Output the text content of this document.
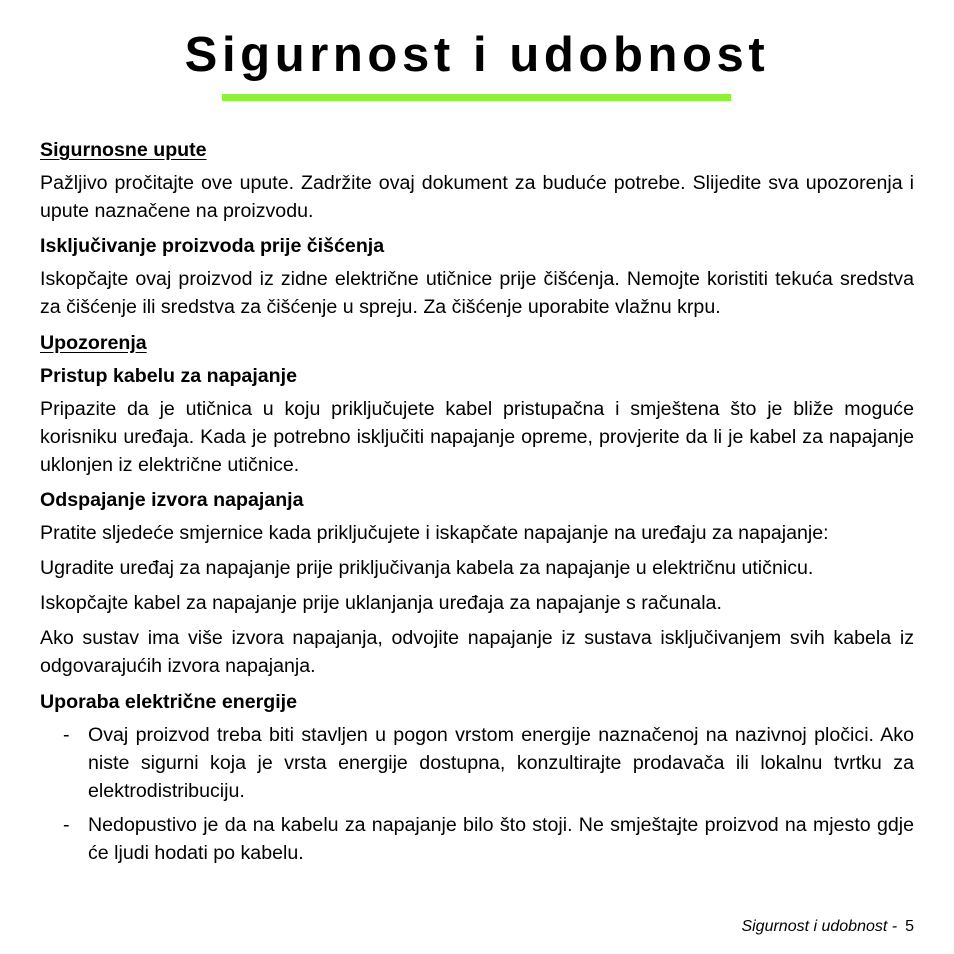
Sigurnost i udobnost
Sigurnosne upute

Pažljivo pročitajte ove upute. Zadržite ovaj dokument za buduće potrebe. Slijedite sva upozorenja i upute naznačene na proizvodu.

Isključivanje proizvoda prije čišćenja

Iskopčajte ovaj proizvod iz zidne električne utičnice prije čišćenja. Nemojte koristiti tekuća sredstva za čišćenje ili sredstva za čišćenje u spreju. Za čišćenje uporabite vlažnu krpu.

Upozorenja
Pristup kabelu za napajanje

Pripazite da je utičnica u koju priključujete kabel pristupačna i smještena što je bliže moguće korisniku uređaja. Kada je potrebno isključiti napajanje opreme, provjerite da li je kabel za napajanje uklonjen iz električne utičnice.

Odspajanje izvora napajanja

Pratite sljedeće smjernice kada priključujete i iskapčate napajanje na uređaju za napajanje:

Ugradite uređaj za napajanje prije priključivanja kabela za napajanje u električnu utičnicu.

Iskopčajte kabel za napajanje prije uklanjanja uređaja za napajanje s računala.

Ako sustav ima više izvora napajanja, odvojite napajanje iz sustava isključivanjem svih kabela iz odgovarajućih izvora napajanja.

Uporaba električne energije
- Ovaj proizvod treba biti stavljen u pogon vrstom energije naznačenoj na nazivnoj pločici. Ako niste sigurni koja je vrsta energije dostupna, konzultirajte prodavača ili lokalnu tvrtku za elektrodistribuciju.
- Nedopustivo je da na kabelu za napajanje bilo što stoji. Ne smještajte proizvod na mjesto gdje će ljudi hodati po kabelu.
Sigurnost i udobnost - 5
